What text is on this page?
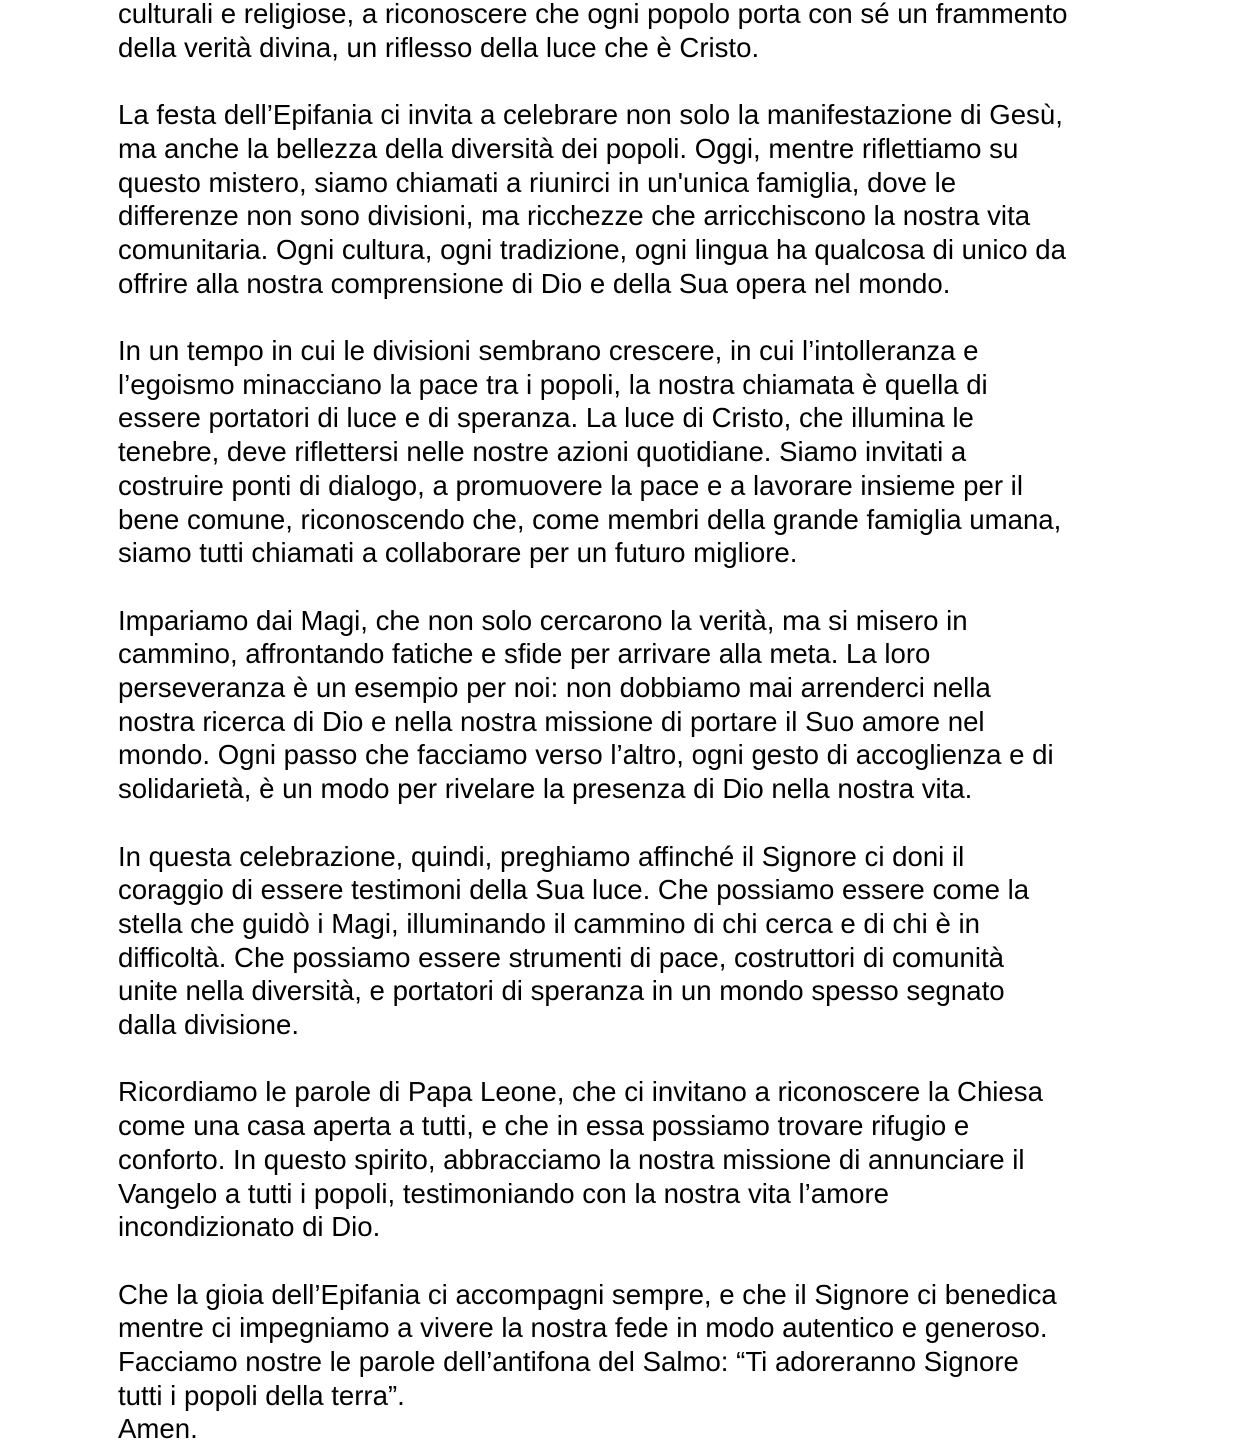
culturali e religiose, a riconoscere che ogni popolo porta con sé un frammento
della verità divina, un riflesso della luce che è Cristo.
La festa dell’Epifania ci invita a celebrare non solo la manifestazione di Gesù,
ma anche la bellezza della diversità dei popoli. Oggi, mentre riflettiamo su
questo mistero, siamo chiamati a riunirci in un'unica famiglia, dove le
differenze non sono divisioni, ma ricchezze che arricchiscono la nostra vita
comunitaria. Ogni cultura, ogni tradizione, ogni lingua ha qualcosa di unico da
offrire alla nostra comprensione di Dio e della Sua opera nel mondo.
In un tempo in cui le divisioni sembrano crescere, in cui l’intolleranza e
l’egoismo minacciano la pace tra i popoli, la nostra chiamata è quella di
essere portatori di luce e di speranza. La luce di Cristo, che illumina le
tenebre, deve riflettersi nelle nostre azioni quotidiane. Siamo invitati a
costruire ponti di dialogo, a promuovere la pace e a lavorare insieme per il
bene comune, riconoscendo che, come membri della grande famiglia umana,
siamo tutti chiamati a collaborare per un futuro migliore.
Impariamo dai Magi, che non solo cercarono la verità, ma si misero in
cammino, affrontando fatiche e sfide per arrivare alla meta. La loro
perseveranza è un esempio per noi: non dobbiamo mai arrenderci nella
nostra ricerca di Dio e nella nostra missione di portare il Suo amore nel
mondo. Ogni passo che facciamo verso l’altro, ogni gesto di accoglienza e di
solidarietà, è un modo per rivelare la presenza di Dio nella nostra vita.
In questa celebrazione, quindi, preghiamo affinché il Signore ci doni il
coraggio di essere testimoni della Sua luce. Che possiamo essere come la
stella che guidò i Magi, illuminando il cammino di chi cerca e di chi è in
difficoltà. Che possiamo essere strumenti di pace, costruttori di comunità
unite nella diversità, e portatori di speranza in un mondo spesso segnato
dalla divisione.
Ricordiamo le parole di Papa Leone, che ci invitano a riconoscere la Chiesa
come una casa aperta a tutti, e che in essa possiamo trovare rifugio e
conforto. In questo spirito, abbracciamo la nostra missione di annunciare il
Vangelo a tutti i popoli, testimoniando con la nostra vita l’amore
incondizionato di Dio.
Che la gioia dell’Epifania ci accompagni sempre, e che il Signore ci benedica
mentre ci impegniamo a vivere la nostra fede in modo autentico e generoso.
Facciamo nostre le parole dell’antifona del Salmo: “Ti adoreranno Signore
tutti i popoli della terra”.
Amen.
